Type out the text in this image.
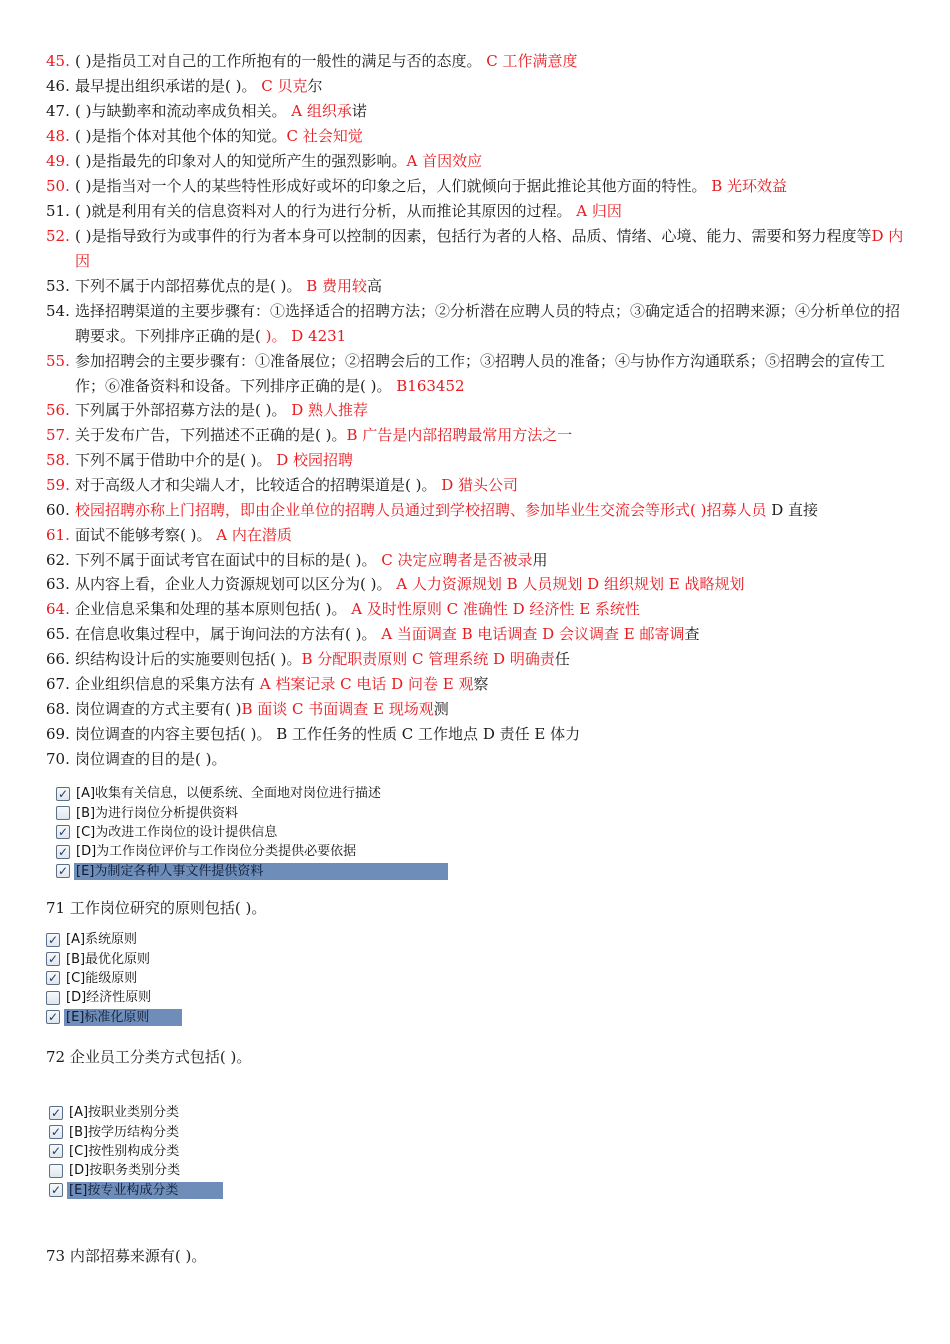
45. ( )是指员工对自己的工作所抱有的一般性的满足与否的态度。 C 工作满意度
46. 最早提出组织承诺的是( )。 C 贝克尔
47. ( )与缺勤率和流动率成负相关。 A 组织承诺
48. ( )是指个体对其他个体的知觉。C 社会知觉
49. ( )是指最先的印象对人的知觉所产生的强烈影响。A 首因效应
50. ( )是指当对一个人的某些特性形成好或坏的印象之后，人们就倾向于据此推论其他方面的特性。 B 光环效益
51. ( )就是利用有关的信息资料对人的行为进行分析，从而推论其原因的过程。 A 归因
52. ( )是指导致行为或事件的行为者本身可以控制的因素，包括行为者的人格、品质、情绪、心境、能力、需要和努力程度等D 内因
53. 下列不属于内部招募优点的是( )。 B 费用较高
54. 选择招聘渠道的主要步骤有：①选择适合的招聘方法；②分析潜在应聘人员的特点；③确定适合的招聘来源；④分析单位的招聘要求。下列排序正确的是( )。 D 4231
55. 参加招聘会的主要步骤有：①准备展位；②招聘会后的工作；③招聘人员的准备；④与协作方沟通联系；⑤招聘会的宣传工作；⑥准备资料和设备。下列排序正确的是( )。 B163452
56. 下列属于外部招募方法的是( )。 D 熟人推荐
57. 关于发布广告，下列描述不正确的是( )。B 广告是内部招聘最常用方法之一
58. 下列不属于借助中介的是( )。 D 校园招聘
59. 对于高级人才和尖端人才，比较适合的招聘渠道是( )。 D 猎头公司
60. 校园招聘亦称上门招聘，即由企业单位的招聘人员通过到学校招聘、参加毕业生交流会等形式( )招募人员 D 直接
61. 面试不能够考察( )。 A 内在潜质
62. 下列不属于面试考官在面试中的目标的是( )。 C 决定应聘者是否被录用
63. 从内容上看，企业人力资源规划可以区分为( )。 A 人力资源规划 B 人员规划 D 组织规划 E 战略规划
64. 企业信息采集和处理的基本原则包括( )。 A 及时性原则 C 准确性 D 经济性 E 系统性
65. 在信息收集过程中，属于询问法的方法有( )。 A 当面调查 B 电话调查 D 会议调查 E 邮寄调查
66. 织结构设计后的实施要则包括( )。B 分配职责原则 C 管理系统 D 明确责任
67. 企业组织信息的采集方法有 A 档案记录 C 电话 D 问卷 E 观察
68. 岗位调查的方式主要有( )B 面谈 C 书面调查 E 现场观测
69. 岗位调查的内容主要包括( )。 B 工作任务的性质 C 工作地点 D 责任 E 体力
70. 岗位调查的目的是( )。
✓ [A]收集有关信息，以便系统、全面地对岗位进行描述
[B]为进行岗位分析提供资料
✓ [C]为改进工作岗位的设计提供信息
✓ [D]为工作岗位评价与工作岗位分类提供必要依据
✓ [E]为制定各种人事文件提供资料
71 工作岗位研究的原则包括( )。
✓ [A]系统原则
✓ [B]最优化原则
✓ [C]能级原则
[D]经济性原则
✓ [E]标准化原则
72 企业员工分类方式包括( )。
✓ [A]按职业类别分类
✓ [B]按学历结构分类
✓ [C]按性别构成分类
[D]按职务类别分类
✓ [E]按专业构成分类
73 内部招募来源有( )。
